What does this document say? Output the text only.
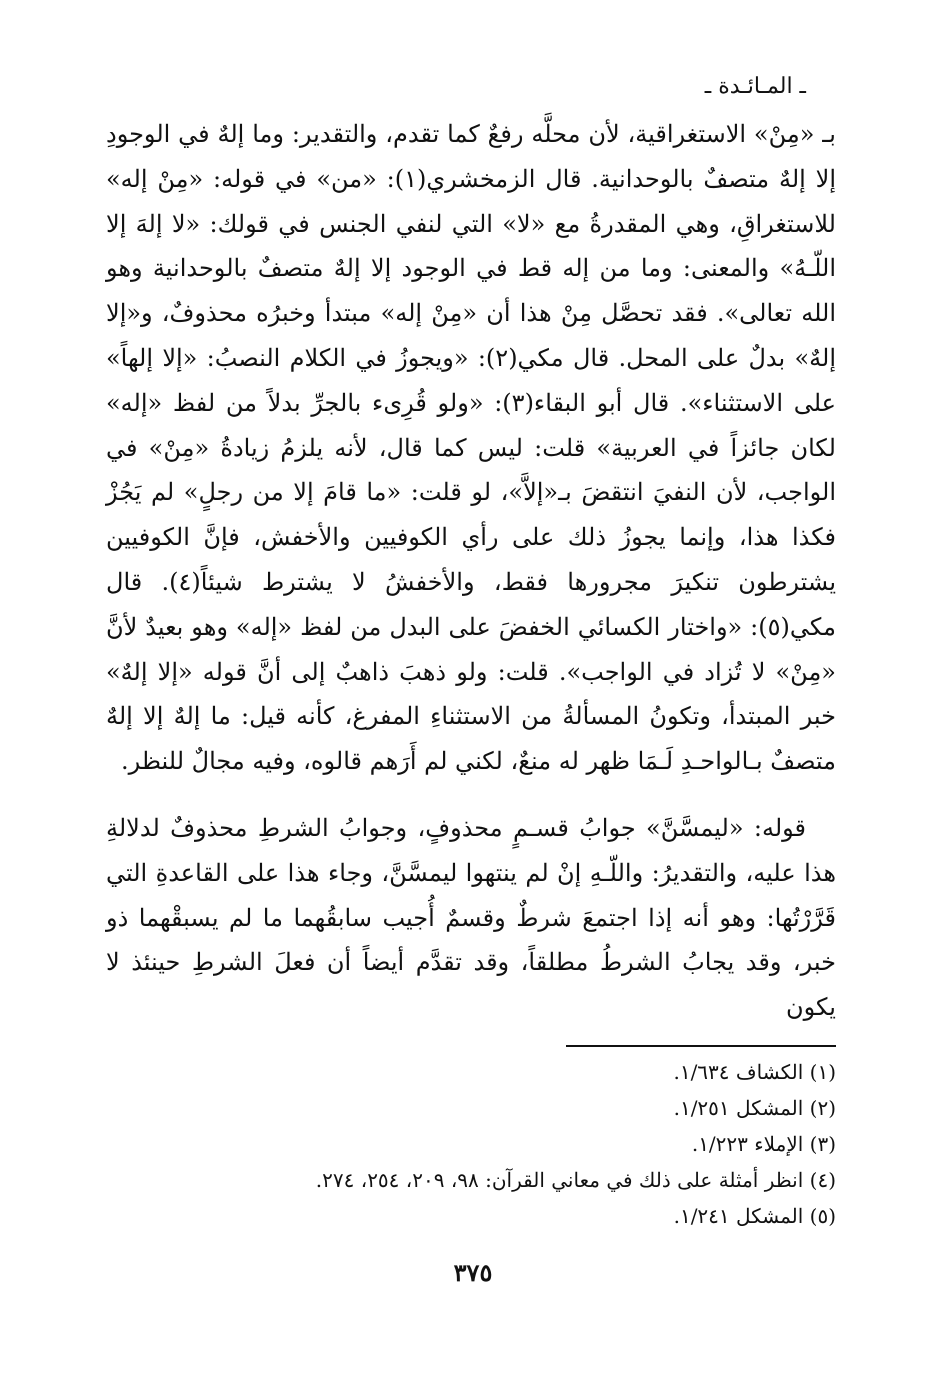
ـ المـائـدة ـ

بـ «مِنْ» الاستغراقية، لأن محلَّه رفعٌ كما تقدم، والتقدير: وما إلهٌ في الوجودِ إلا إلهٌ متصفٌ بالوحدانية. قال الزمخشري(١): «من» في قوله: «مِنْ إله» للاستغراقِ، وهي المقدرةُ مع «لا» التي لنفي الجنس في قولك: «لا إلهَ إلا اللّـهُ» والمعنى: وما من إله قط في الوجود إلا إلهٌ متصفٌ بالوحدانية وهو الله تعالى». فقد تحصَّل مِنْ هذا أن «مِنْ إله» مبتدأ وخبرُه محذوفٌ، و«إلا إلهٌ» بدلٌ على المحل. قال مكي(٢): «ويجوزُ في الكلام النصبُ: «إلا إلهاً» على الاستثناء». قال أبو البقاء(٣): «ولو قُرِىء بالجرِّ بدلاً من لفظ «إله» لكان جائزاً في العربية» قلت: ليس كما قال، لأنه يلزمُ زيادةُ «مِنْ» في الواجب، لأن النفيَ انتقضَ بـ«إلاَّ»، لو قلت: «ما قامَ إلا من رجلٍ» لم يَجُزْ فكذا هذا، وإنما يجوزُ ذلك على رأي الكوفيين والأخفش، فإنَّ الكوفيين يشترطون تنكيرَ مجرورها فقط، والأخفشُ لا يشترط شيئاً(٤). قال مكي(٥): «واختار الكسائي الخفضَ على البدل من لفظ «إله» وهو بعيدٌ لأنَّ «مِنْ» لا تُزاد في الواجب». قلت: ولو ذهبَ ذاهبٌ إلى أنَّ قوله «إلا إلهٌ» خبر المبتدأ، وتكونُ المسألةُ من الاستثناءِ المفرغ، كأنه قيل: ما إلهٌ إلا إلهٌ متصفٌ بـالواحـدِ لَـمَا ظهر له منعٌ، لكني لم أَرَهم قالوه، وفيه مجالٌ للنظر.

قوله: «ليمسَّنَّ» جوابُ قسـمٍ محذوفٍ، وجوابُ الشرطِ محذوفٌ لدلالةِ هذا عليه، والتقديرُ: واللّـهِ إنْ لم ينتهوا ليمسَّنَّ، وجاء هذا على القاعدةِ التي قَرَّرْتُها: وهو أنه إذا اجتمعَ شرطٌ وقسمٌ أُجيب سابقُهما ما لم يسبقْهما ذو خبر، وقد يجابُ الشرطُ مطلقاً، وقد تقدَّم أيضاً أن فعلَ الشرطِ حينئذ لا يكون

(١) الكشاف ١/٦٣٤.
(٢) المشكل ١/٢٥١.
(٣) الإملاء ١/٢٢٣.
(٤) انظر أمثلة على ذلك في معاني القرآن: ٩٨، ٢٠٩، ٢٥٤، ٢٧٤.
(٥) المشكل ١/٢٤١.
٣٧٥
